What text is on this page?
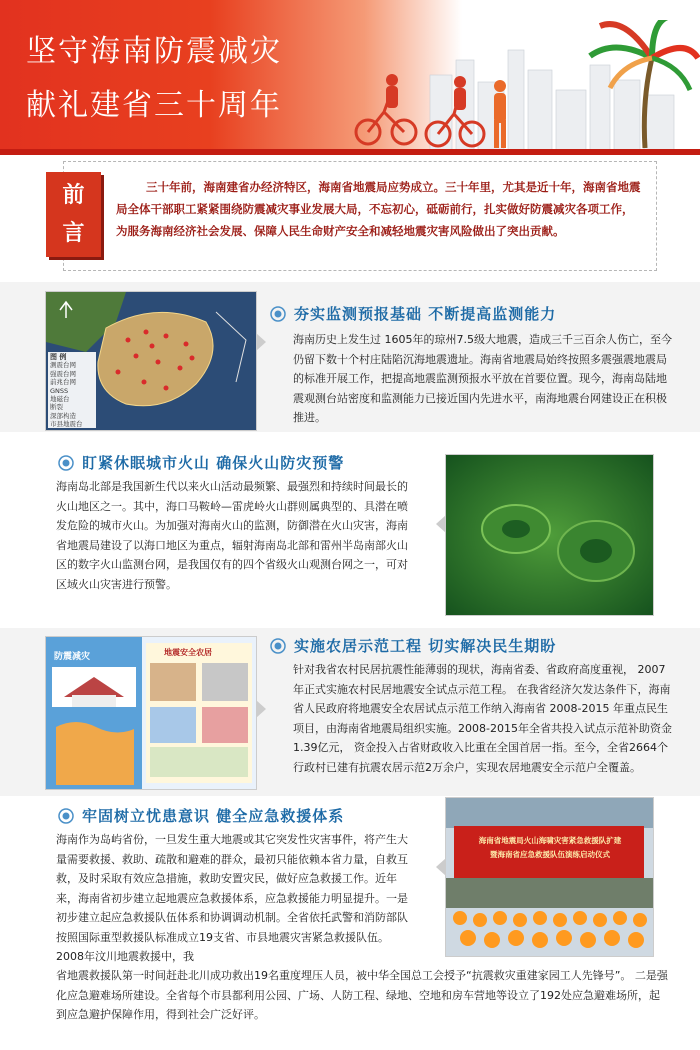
坚守海南防震减灾
献礼建省三十周年
前
言
三十年前，海南建省办经济特区，海南省地震局应势成立。三十年里，尤其是近十年，海南省地震局全体干部职工紧紧围绕防震减灾事业发展大局，不忘初心，砥砺前行，扎实做好防震减灾各项工作，为服务海南经济社会发展、保障人民生命财产安全和减轻地震灾害风险做出了突出贡献。
图 例
测震台网
强震台网
前兆台网
GNSS
地磁台
断裂
深部构造
市县地震台
夯实监测预报基础 不断提高监测能力
海南历史上发生过 1605年的琼州7.5级大地震，造成三千三百余人伤亡，至今仍留下数十个村庄陆陷沉海地震遗址。海南省地震局始终按照多震强震地震局的标准开展工作，把提高地震监测预报水平放在首要位置。现今，海南岛陆地震观测台站密度和监测能力已接近国内先进水平，南海地震台网建设正在积极推进。
盯紧休眠城市火山 确保火山防灾预警
海南岛北部是我国新生代以来火山活动最频繁、最强烈和持续时间最长的火山地区之一。其中，海口马鞍岭—雷虎岭火山群则属典型的、具潜在喷发危险的城市火山。为加强对海南火山的监测，防御潜在火山灾害，海南省地震局建设了以海口地区为重点，辐射海南岛北部和雷州半岛南部火山区的数字火山监测台网，是我国仅有的四个省级火山观测台网之一，可对区域火山灾害进行预警。
防震减灾	地震安全农居	实施农居示范工程 切实解决民生期盼
针对我省农村民居抗震性能薄弱的现状，海南省委、省政府高度重视， 2007年正式实施农村民居地震安全试点示范工程。 在我省经济欠发达条件下，海南省人民政府将地震安全农居试点示范工作纳入海南省 2008-2015 年重点民生项目，由海南省地震局组织实施。2008-2015年全省共投入试点示范补助资金1.39亿元， 资金投入占省财政收入比重在全国首居一指。至今，全省2664个行政村已建有抗震农居示范2万余户，实现农居地震安全示范户全覆盖。
牢固树立忧患意识 健全应急救援体系
海南作为岛屿省份，一旦发生重大地震或其它突发性灾害事件，将产生大量需要救援、救助、疏散和避难的群众，最初只能依赖本省力量，自救互救，及时采取有效应急措施，救助安置灾民，做好应急救援工作。近年来，海南省初步建立起地震应急救援体系，应急救援能力明显提升。一是初步建立起应急救援队伍体系和协调调动机制。全省依托武警和消防部队按照国际重型救援队标准成立19支省、市县地震灾害紧急救援队伍。2008年汶川地震救援中，我
省地震救援队第一时间赶赴北川成功救出19名重度埋压人员，被中华全国总工会授予“抗震救灾重建家园工人先锋号”。 二是强化应急避难场所建设。全省每个市县都利用公园、广场、人防工程、绿地、空地和房车营地等设立了192处应急避难场所，起到应急避护保障作用，得到社会广泛好评。
海南省地震局火山海啸灾害紧急救援队扩建
暨海南省应急救援队伍演练启动仪式
